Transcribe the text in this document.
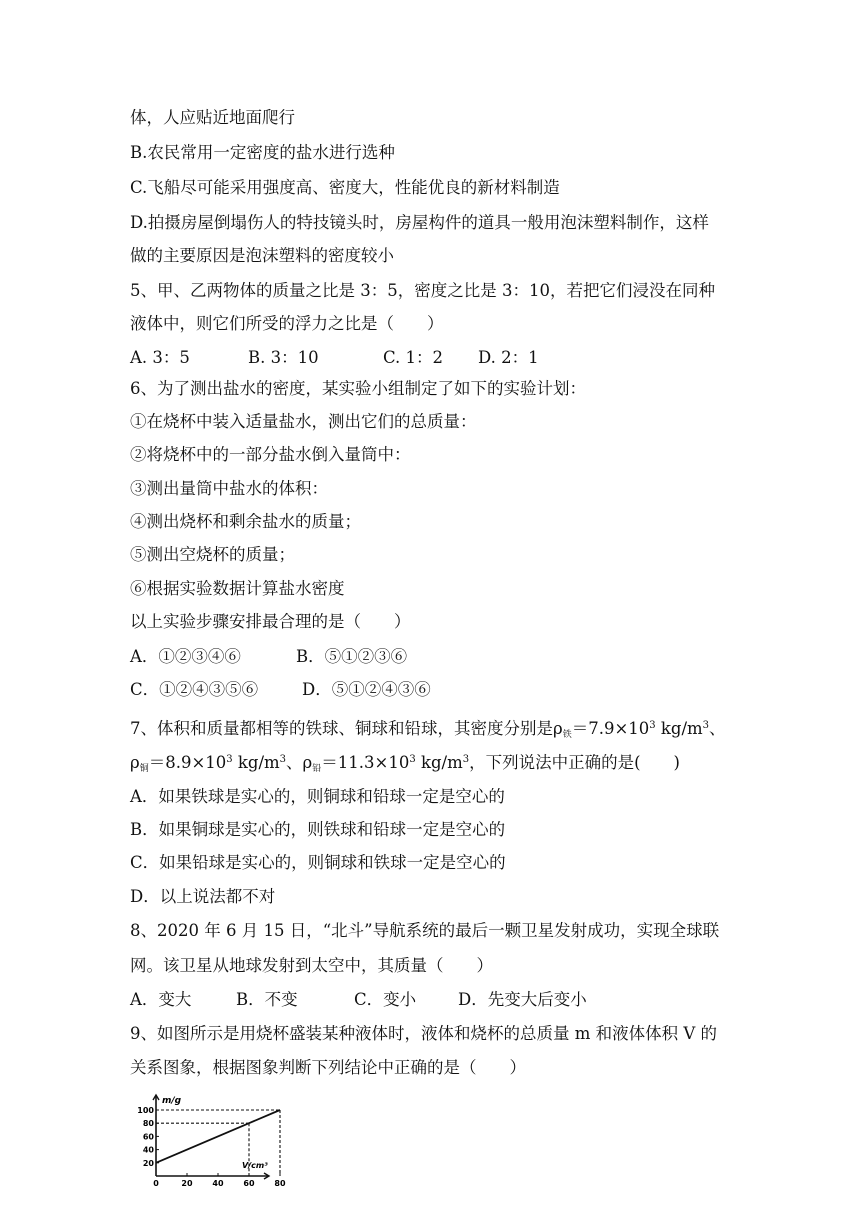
体，人应贴近地面爬行
B.农民常用一定密度的盐水进行选种
C.飞船尽可能采用强度高、密度大，性能优良的新材料制造
D.拍摄房屋倒塌伤人的特技镜头时，房屋构件的道具一般用泡沫塑料制作，这样
做的主要原因是泡沫塑料的密度较小
5、甲、乙两物体的质量之比是 3：5，密度之比是 3：10，若把它们浸没在同种
液体中，则它们所受的浮力之比是（　　）
A. 3：5	B. 3：10	C. 1：2 D. 2：1
6、为了测出盐水的密度，某实验小组制定了如下的实验计划：
①在烧杯中装入适量盐水，测出它们的总质量：
②将烧杯中的一部分盐水倒入量筒中：
③测出量筒中盐水的体积：
④测出烧杯和剩余盐水的质量；
⑤测出空烧杯的质量；
⑥根据实验数据计算盐水密度
以上实验步骤安排最合理的是（　　）
A．①②③④⑥	B．⑤①②③⑥
C．①②④③⑤⑥	D．⑤①②④③⑥
7、体积和质量都相等的铁球、铜球和铅球，其密度分别是$\rho_铁=7.9\times 10^3$ $kg/m^3$、
$\rho_铜=8.9\times 10^3$ $kg/m^3$、$\rho_铅=11.3\times 10^3$ $kg/m^3$，下列说法中正确的是(　　)
A．如果铁球是实心的，则铜球和铅球一定是空心的
B．如果铜球是实心的，则铁球和铅球一定是空心的
C．如果铅球是实心的，则铜球和铁球一定是空心的
D．以上说法都不对
8、2020 年 6 月 15 日，“北斗”导航系统的最后一颗卫星发射成功，实现全球联
网。该卫星从地球发射到太空中，其质量（　　）
A．变大	B．不变	C．变小	D．先变大后变小
9、如图所示是用烧杯盛装某种液体时，液体和烧杯的总质量 m 和液体体积 V 的
关系图象，根据图象判断下列结论中正确的是（　　）
20
40
60
80
100
0	20 40 60 80
m/g
V/cm³
